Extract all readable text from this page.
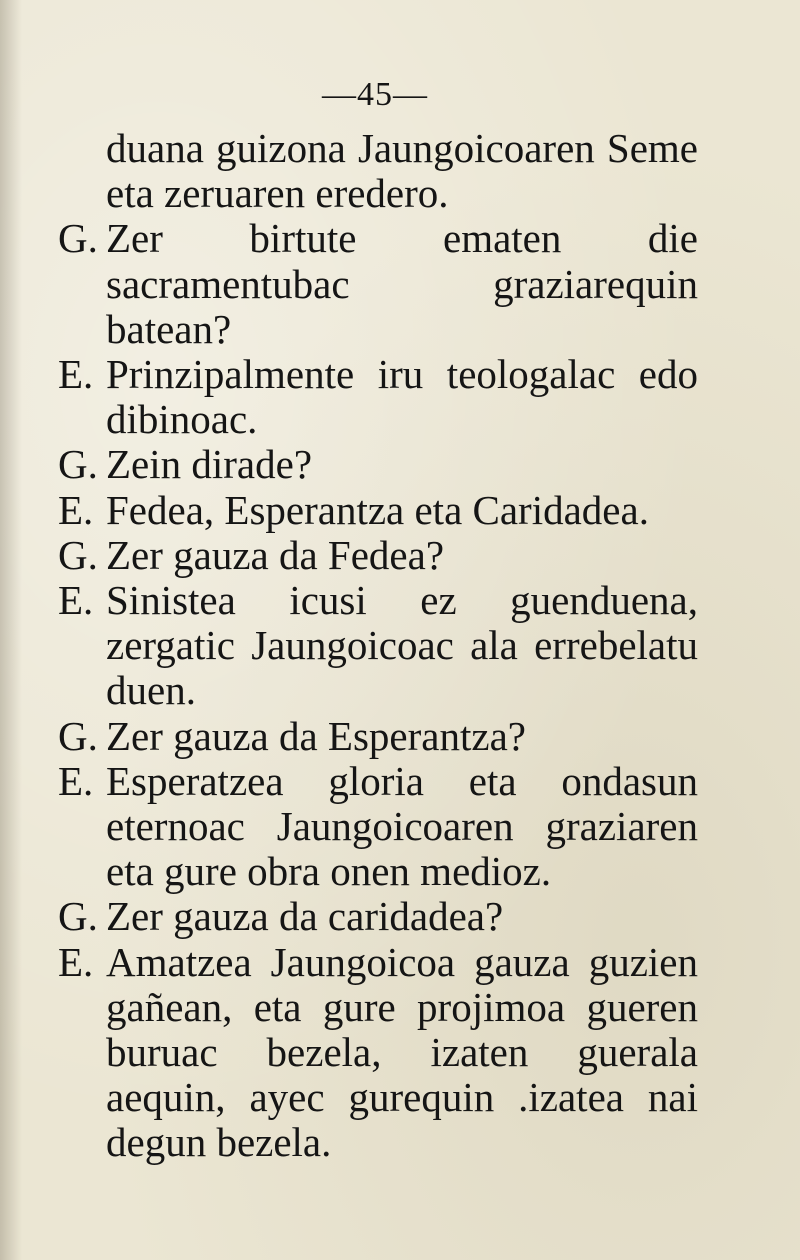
—45—
duana guizona Jaungoicoaren Seme eta zeruaren eredero.
G. Zer birtute ematen die sacramentubac graziarequin batean?
E. Prinzipalmente iru teologalac edo dibinoac.
G. Zein dirade?
E. Fedea, Esperantza eta Caridadea.
G. Zer gauza da Fedea?
E. Sinistea icusi ez guenduena, zergatic Jaungoicoac ala errebelatu duen.
G. Zer gauza da Esperantza?
E. Esperatzea gloria eta ondasun eternoac Jaungoicoaren graziaren eta gure obra onen medioz.
G. Zer gauza da caridadea?
E. Amatzea Jaungoicoa gauza guzien gañean, eta gure projimoa gueren buruac bezela, izaten guerala aequin, ayec gurequin .izatea nai degun bezela.
